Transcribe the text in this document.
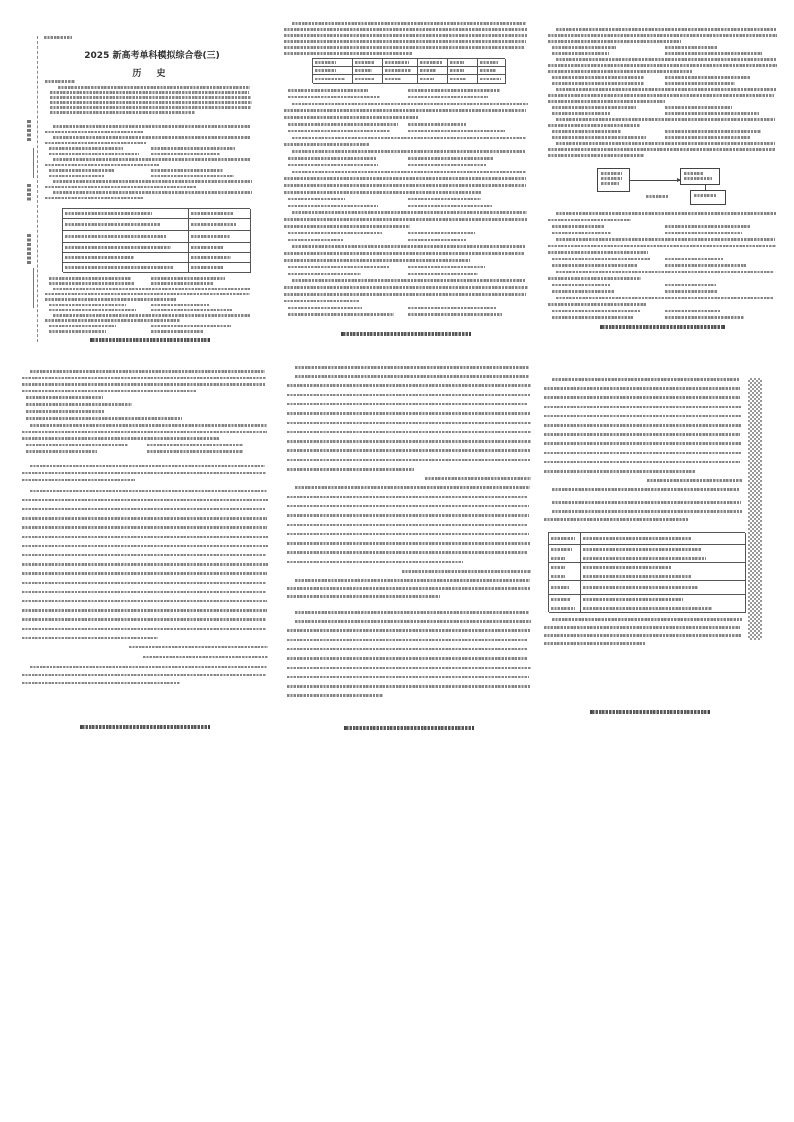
2025 新高考单科模拟综合卷(三)
历 史
